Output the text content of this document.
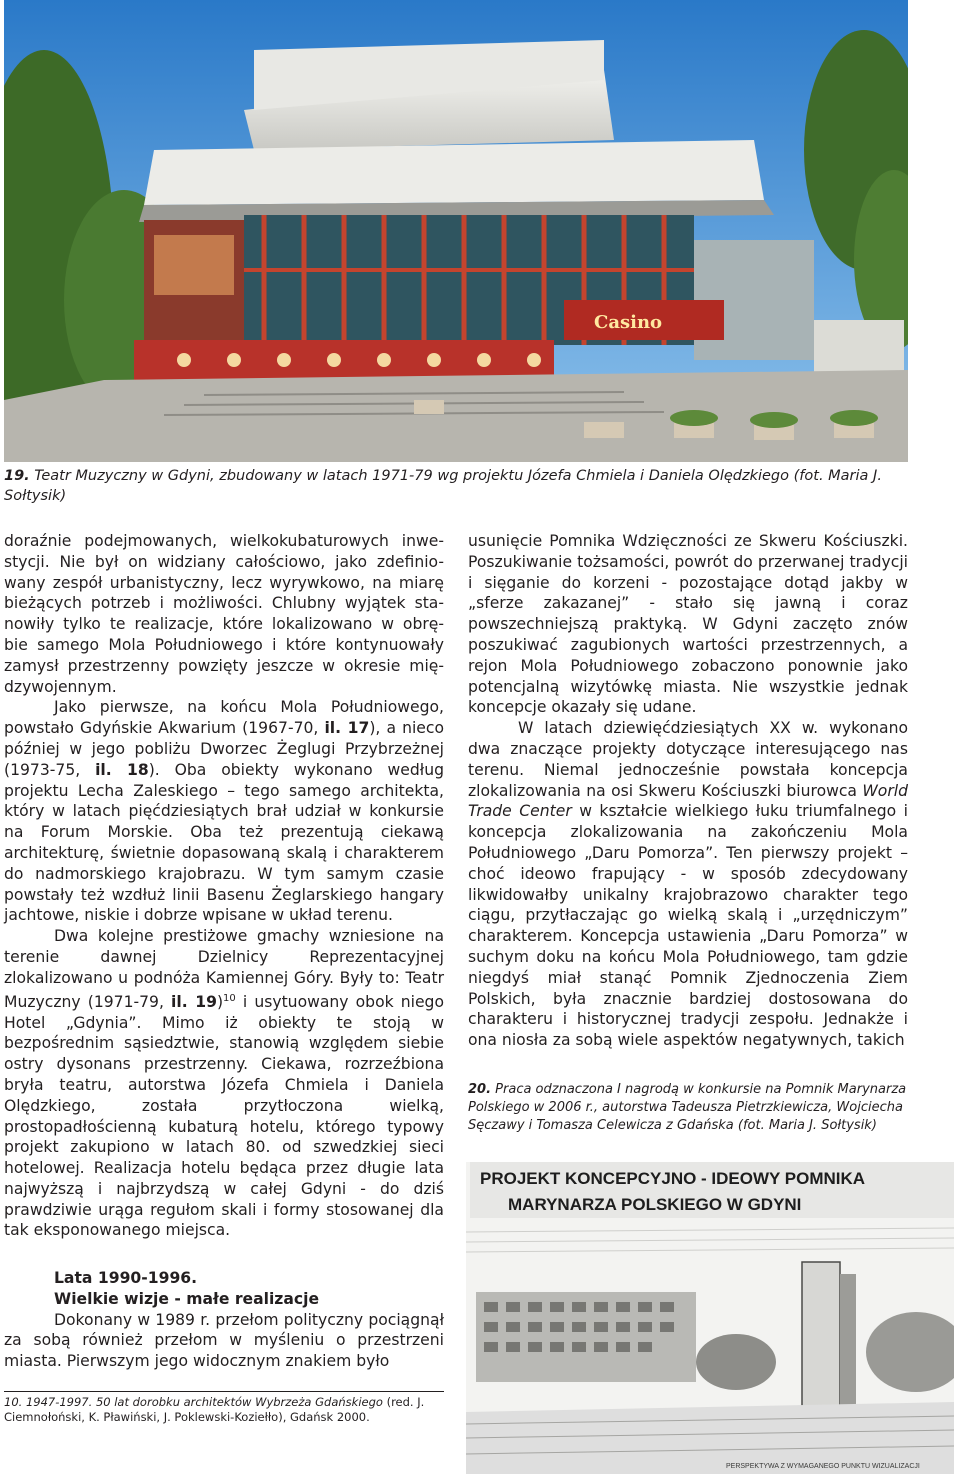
Casino
19. Teatr Muzyczny w Gdyni, zbudowany w latach 1971-79 wg projektu Józefa Chmiela i Daniela Olędzkiego (fot. Maria J. Sołtysik)

doraźnie podejmowanych, wielkokubaturowych inwe- stycji. Nie był on widziany całościowo, jako zdefinio- wany zespół urbanistyczny, lecz wyrywkowo, na miarę bieżących potrzeb i możliwości. Chlubny wyjątek sta- nowiły tylko te realizacje, które lokalizowano w obrę- bie samego Mola Południowego i które kontynuowały zamysł przestrzenny powzięty jeszcze w okresie mię- dzywojennym.

Jako pierwsze, na końcu Mola Południowego, powstało Gdyńskie Akwarium (1967-70, il. 17), a nieco później w jego pobliżu Dworzec Żeglugi Przybrzeżnej (1973-75, il. 18). Oba obiekty wykonano według projektu Lecha Zaleskiego – tego samego architekta, który w latach pięćdziesiątych brał udział w konkursie na Forum Morskie. Oba też prezentują ciekawą architekturę, świetnie dopasowaną skalą i charakterem do nadmorskiego krajobrazu. W tym samym czasie powstały też wzdłuż linii Basenu Żeglarskiego hangary jachtowe, niskie i dobrze wpisane w układ terenu.

Dwa kolejne prestiżowe gmachy wzniesione na terenie dawnej Dzielnicy Reprezentacyjnej zlokalizowano u podnóża Kamiennej Góry. Były to: Teatr Muzyczny (1971-79, il. 19)$^{10}$ i usytuowany obok niego Hotel „Gdynia”. Mimo iż obiekty te stoją w bezpośrednim sąsiedztwie, stanowią względem siebie ostry dysonans przestrzenny. Ciekawa, rozrzeźbiona bryła teatru, autorstwa Józefa Chmiela i Daniela Olędzkiego, została przytłoczona wielką, prostopadłościenną kubaturą hotelu, którego typowy projekt zakupiono w latach 80. od szwedzkiej sieci hotelowej. Realizacja hotelu będąca przez długie lata najwyższą i najbrzydszą w całej Gdyni - do dziś prawdziwie urąga regułom skali i formy stosowanej dla tak eksponowanego miejsca.

Lata 1990-1996.
Wielkie wizje - małe realizacje

Dokonany w 1989 r. przełom polityczny pociągnął za sobą również przełom w myśleniu o przestrzeni miasta. Pierwszym jego widocznym znakiem było

usunięcie Pomnika Wdzięczności ze Skweru Kościuszki. Poszukiwanie tożsamości, powrót do przerwanej tradycji i sięganie do korzeni - pozostające dotąd jakby w „sferze zakazanej” - stało się jawną i coraz powszechniejszą praktyką. W Gdyni zaczęto znów poszukiwać zagubionych wartości przestrzennych, a rejon Mola Południowego zobaczono ponownie jako potencjalną wizytówkę miasta. Nie wszystkie jednak koncepcje okazały się udane.

W latach dziewięćdziesiątych XX w. wykonano dwa znaczące projekty dotyczące interesującego nas terenu. Niemal jednocześnie powstała koncepcja zlokalizowania na osi Skweru Kościuszki biurowca World Trade Center w kształcie wielkiego łuku triumfalnego i koncepcja zlokalizowania na zakończeniu Mola Południowego „Daru Pomorza”. Ten pierwszy projekt – choć ideowo frapujący - w sposób zdecydowany likwidowałby unikalny krajobrazowo charakter tego ciągu, przytłaczając go wielką skalą i „urzędniczym” charakterem. Koncepcja ustawienia „Daru Pomorza” w suchym doku na końcu Mola Południowego, tam gdzie niegdyś miał stanąć Pomnik Zjednoczenia Ziem Polskich, była znacznie bardziej dostosowana do charakteru i historycznej tradycji zespołu. Jednakże i ona niosła za sobą wiele aspektów negatywnych, takich

20. Praca odznaczona I nagrodą w konkursie na Pomnik Marynarza Polskiego w 2006 r., autorstwa Tadeusza Pietrzkiewicza, Wojciecha Sęczawy i Tomasza Celewicza z Gdańska (fot. Maria J. Sołtysik)
PROJEKT KONCEPCYJNO - IDEOWY POMNIKA
MARYNARZA POLSKIEGO W GDYNI
PERSPEKTYWA Z WYMAGANEGO PUNKTU WIZUALIZACJI
10. 1947-1997. 50 lat dorobku architektów Wybrzeża Gdańskiego (red. J. Ciemnołoński, K. Pławiński, J. Poklewski-Koziełło), Gdańsk 2000.
